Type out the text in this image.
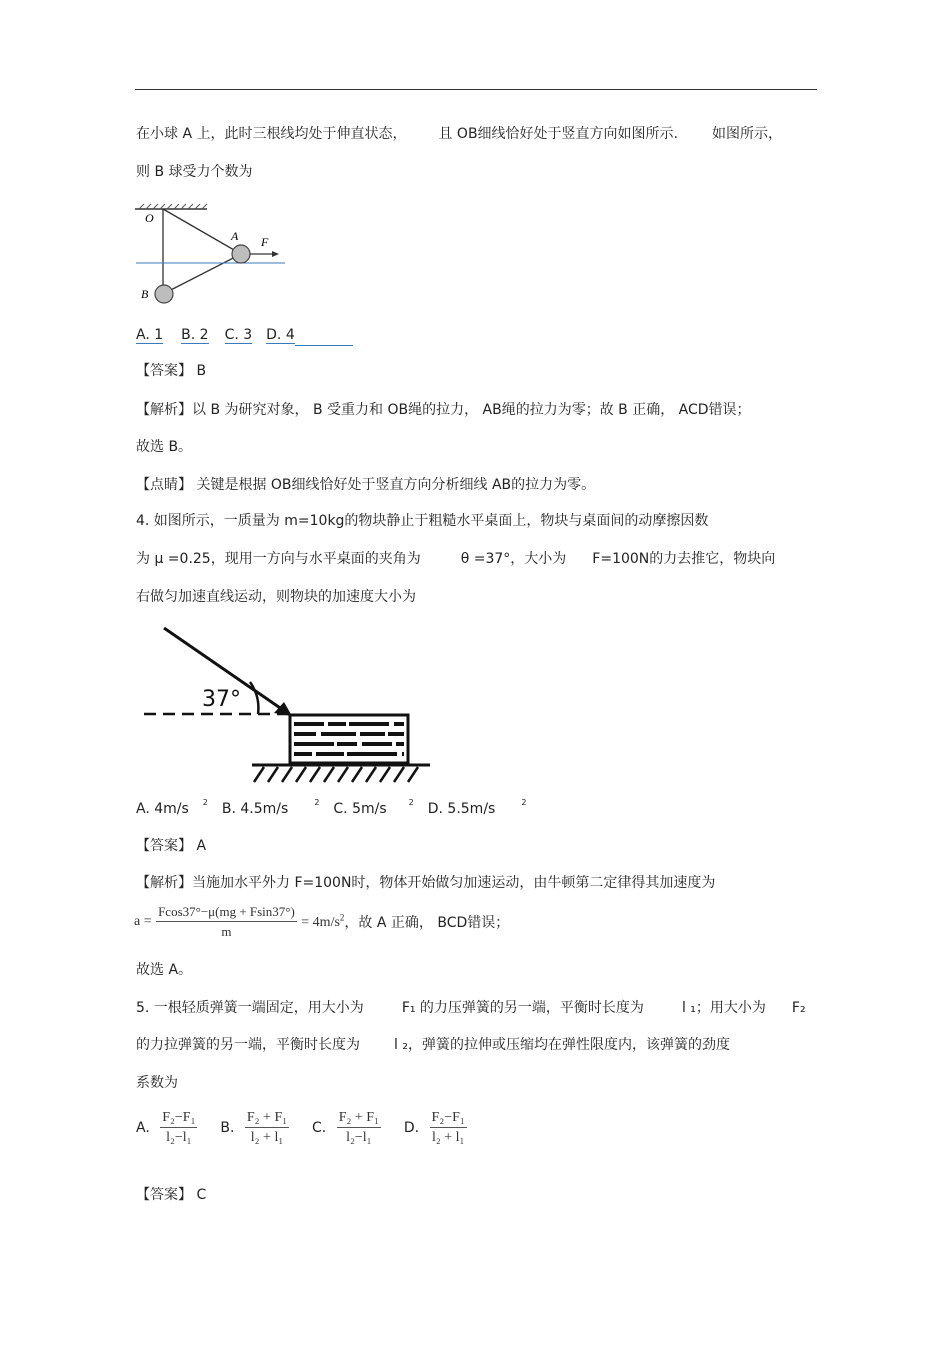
在小球 A 上，此时三根线均处于伸直状态， 且 OB细线恰好处于竖直方向如图所示. 如图所示，
则 B 球受力个数为
O
A F
B
A. 1 B. 2 C. 3 D. 4
【答案】 B
【解析】以 B 为研究对象， B 受重力和 OB绳的拉力， AB绳的拉力为零；故 B 正确， ACD错误；
故选 B。
【点睛】 关键是根据 OB细线恰好处于竖直方向分析细线 AB的拉力为零。
4. 如图所示，一质量为 m=10kg的物块静止于粗糙水平桌面上，物块与桌面间的动摩擦因数
为 μ =0.25，现用一方向与水平桌面的夹角为	θ =37°，大小为 F=100N的力去推它，物块向
右做匀加速直线运动，则物块的加速度大小为
37°
A. 4m/s $^2$ B. 4.5m/s	$^2$ C. 5m/s	$^2$ D. 5.5m/s	$^2$
【答案】 A
【解析】当施加水平外力 F=100N时，物体开始做匀加速运动，由牛顿第二定律得其加速度为
$a = \frac{Fcos37^\circ-\mu(mg + Fsin37^\circ)}{m} = 4m/s^2$，故 A 正确， BCD错误；
故选 A。
5. 一根轻质弹簧一端固定，用大小为	F₁ 的力压弹簧的另一端，平衡时长度为	l ₁；用大小为 F₂
的力拉弹簧的另一端，平衡时长度为 l ₂，弹簧的拉伸或压缩均在弹性限度内，该弹簧的劲度
系数为
A. $\frac{\text{F₂−F₁}}{\text{l₂−l₁}} B$. $\frac{\text{F₂ + F₁}}{\text{l₂ + l₁}} C$. $\frac{\text{F₂ + F₁}}{\text{l₂−l₁}} D$. $\frac{\text{F₂−F₁}}{\text{l₂ + l₁}}$
【答案】 C
